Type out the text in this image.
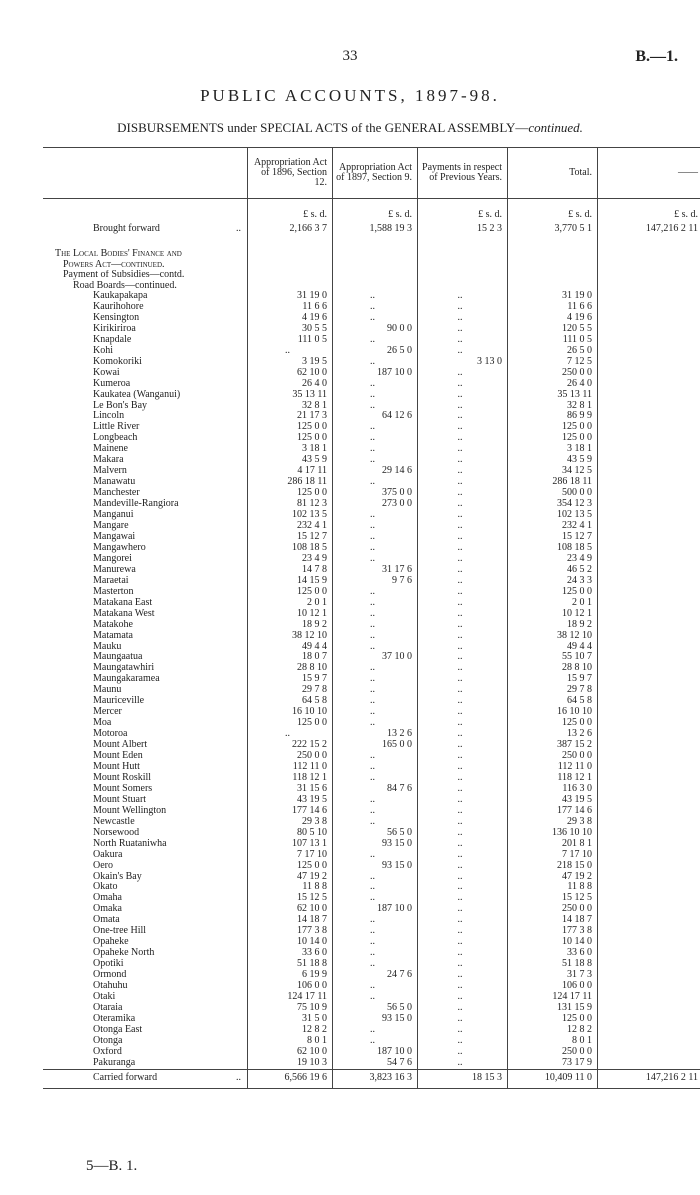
33	B.—1.
PUBLIC ACCOUNTS, 1897-98.
DISBURSEMENTS under SPECIAL ACTS of the GENERAL ASSEMBLY—continued.
	Appropriation Act of 1896, Section 12.	Appropriation Act of 1897, Section 9.	Payments in respect of Previous Years.	Total.	——
	£ s. d.	£ s. d.	£ s. d.	£ s. d.	£ s. d.
Brought forward ..	2,166 3 7	1,588 19 3	15 2 3	3,770 5 1	147,216 2 11

The Local Bodies' Finance and					
Powers Act—continued.					
Payment of Subsidies—contd.					
Road Boards—continued.					
Kaukapakapa	31 19 0	..	..	31 19 0	
Kaurihohore	11 6 6	..	..	11 6 6	
Kensington	4 19 6	..	..	4 19 6	
Kirikiriroa	30 5 5	90 0 0	..	120 5 5	
Knapdale	111 0 5	..	..	111 0 5	
Kohi	..	26 5 0	..	26 5 0	
Komokoriki	3 19 5	..	3 13 0	7 12 5	
Kowai	62 10 0	187 10 0	..	250 0 0	
Kumeroa	26 4 0	..	..	26 4 0	
Kaukatea (Wanganui)	35 13 11	..	..	35 13 11	
Le Bon's Bay	32 8 1	..	..	32 8 1	
Lincoln	21 17 3	64 12 6	..	86 9 9	
Little River	125 0 0	..	..	125 0 0	
Longbeach	125 0 0	..	..	125 0 0	
Mainene	3 18 1	..	..	3 18 1	
Makara	43 5 9	..	..	43 5 9	
Malvern	4 17 11	29 14 6	..	34 12 5	
Manawatu	286 18 11	..	..	286 18 11	
Manchester	125 0 0	375 0 0	..	500 0 0	
Mandeville-Rangiora	81 12 3	273 0 0	..	354 12 3	
Manganui	102 13 5	..	..	102 13 5	
Mangare	232 4 1	..	..	232 4 1	
Mangawai	15 12 7	..	..	15 12 7	
Mangawhero	108 18 5	..	..	108 18 5	
Mangorei	23 4 9	..	..	23 4 9	
Manurewa	14 7 8	31 17 6	..	46 5 2	
Maraetai	14 15 9	9 7 6	..	24 3 3	
Masterton	125 0 0	..	..	125 0 0	
Matakana East	2 0 1	..	..	2 0 1	
Matakana West	10 12 1	..	..	10 12 1	
Matakohe	18 9 2	..	..	18 9 2	
Matamata	38 12 10	..	..	38 12 10	
Mauku	49 4 4	..	..	49 4 4	
Maungaatua	18 0 7	37 10 0	..	55 10 7	
Maungatawhiri	28 8 10	..	..	28 8 10	
Maungakaramea	15 9 7	..	..	15 9 7	
Maunu	29 7 8	..	..	29 7 8	
Mauriceville	64 5 8	..	..	64 5 8	
Mercer	16 10 10	..	..	16 10 10	
Moa	125 0 0	..	..	125 0 0	
Motoroa	..	13 2 6	..	13 2 6	
Mount Albert	222 15 2	165 0 0	..	387 15 2	
Mount Eden	250 0 0	..	..	250 0 0	
Mount Hutt	112 11 0	..	..	112 11 0	
Mount Roskill	118 12 1	..	..	118 12 1	
Mount Somers	31 15 6	84 7 6	..	116 3 0	
Mount Stuart	43 19 5	..	..	43 19 5	
Mount Wellington	177 14 6	..	..	177 14 6	
Newcastle	29 3 8	..	..	29 3 8	
Norsewood	80 5 10	56 5 0	..	136 10 10	
North Ruataniwha	107 13 1	93 15 0	..	201 8 1	
Oakura	7 17 10	..	..	7 17 10	
Oero	125 0 0	93 15 0	..	218 15 0	
Okain's Bay	47 19 2	..	..	47 19 2	
Okato	11 8 8	..	..	11 8 8	
Omaha	15 12 5	..	..	15 12 5	
Omaka	62 10 0	187 10 0	..	250 0 0	
Omata	14 18 7	..	..	14 18 7	
One-tree Hill	177 3 8	..	..	177 3 8	
Opaheke	10 14 0	..	..	10 14 0	
Opaheke North	33 6 0	..	..	33 6 0	
Opotiki	51 18 8	..	..	51 18 8	
Ormond	6 19 9	24 7 6	..	31 7 3	
Otahuhu	106 0 0	..	..	106 0 0	
Otaki	124 17 11	..	..	124 17 11	
Otaraia	75 10 9	56 5 0	..	131 15 9	
Oteramika	31 5 0	93 15 0	..	125 0 0	
Otonga East	12 8 2	..	..	12 8 2	
Otonga	8 0 1	..	..	8 0 1	
Oxford	62 10 0	187 10 0	..	250 0 0	
Pakuranga	19 10 3	54 7 6	..	73 17 9	
Carried forward ..	6,566 19 6	3,823 16 3	18 15 3	10,409 11 0	147,216 2 11
5—B. 1.
